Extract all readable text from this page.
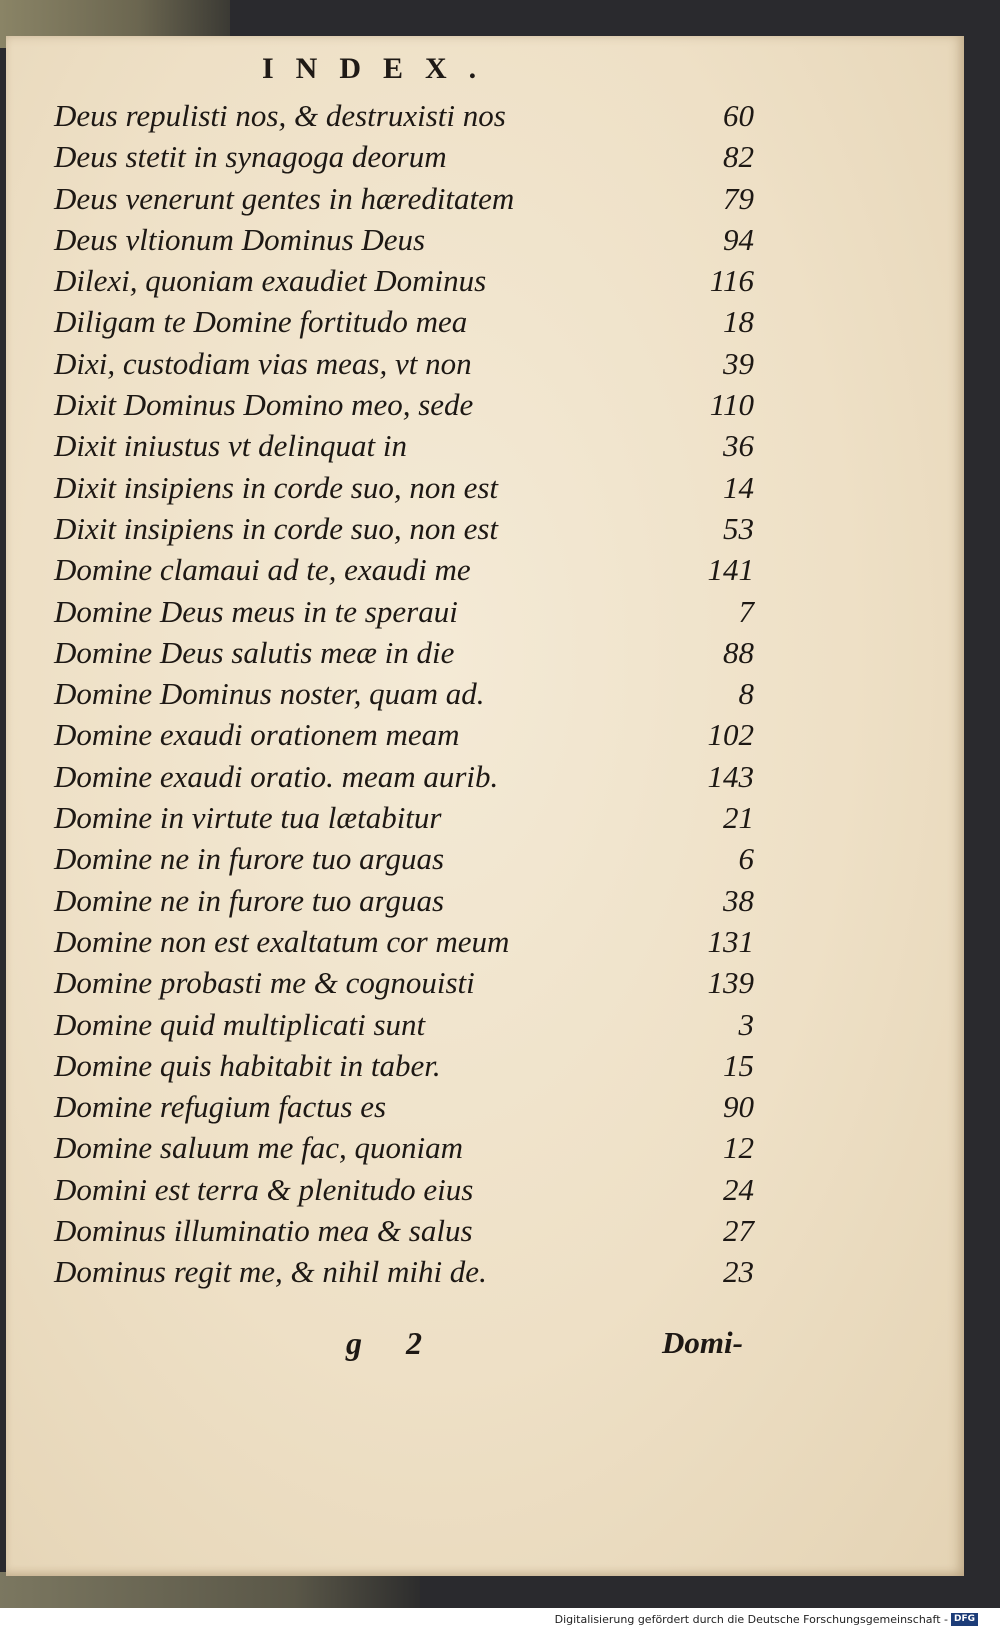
INDEX.
Deus repulisti nos, & destruxisti nos	60
Deus stetit in synagoga deorum	82
Deus venerunt gentes in hæreditatem	79
Deus vltionum Dominus Deus	94
Dilexi, quoniam exaudiet Dominus	116
Diligam te Domine fortitudo mea	18
Dixi, custodiam vias meas, vt non	39
Dixit Dominus Domino meo, sede	110
Dixit iniustus vt delinquat in	36
Dixit insipiens in corde suo, non est	14
Dixit insipiens in corde suo, non est	53
Domine clamaui ad te, exaudi me	141
Domine Deus meus in te speraui	7
Domine Deus salutis meæ in die	88
Domine Dominus noster, quam ad.	8
Domine exaudi orationem meam	102
Domine exaudi oratio. meam aurib.	143
Domine in virtute tua lætabitur	21
Domine ne in furore tuo arguas	6
Domine ne in furore tuo arguas	38
Domine non est exaltatum cor meum	131
Domine probasti me & cognouisti	139
Domine quid multiplicati sunt	3
Domine quis habitabit in taber.	15
Domine refugium factus es	90
Domine saluum me fac, quoniam	12
Domini est terra & plenitudo eius	24
Dominus illuminatio mea & salus	27
Dominus regit me, & nihil mihi de.	23
g 2	Domi-
Digitalisierung gefördert durch die Deutsche Forschungsgemeinschaft - DFG
